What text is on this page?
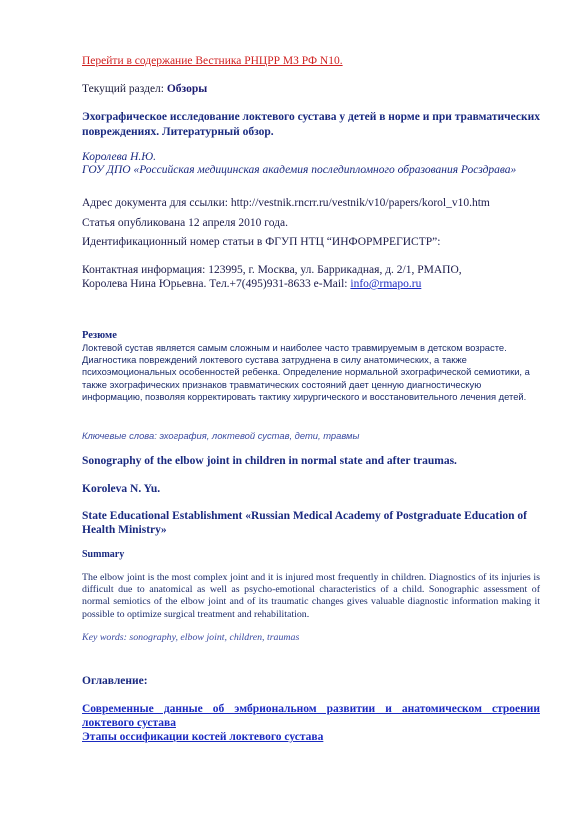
Перейти в содержание Вестника РНЦРР МЗ РФ N10.
Текущий раздел: Обзоры
Эхографическое исследование локтевого сустава у детей в норме и при травматических повреждениях. Литературный обзор.
Королева Н.Ю.
ГОУ ДПО «Российская медицинская академия последипломного образования Росздрава»
Адрес документа для ссылки: http://vestnik.rncrr.ru/vestnik/v10/papers/korol_v10.htm
Статья опубликована 12 апреля 2010 года.
Идентификационный номер статьи в ФГУП НТЦ “ИНФОРМРЕГИСТР”:
Контактная информация: 123995, г. Москва, ул. Баррикадная, д. 2/1, РМАПО,
Королева Нина Юрьевна. Тел.+7(495)931-8633 e-Mail: info@rmapo.ru
Резюме
Локтевой сустав является самым сложным и наиболее часто травмируемым в детском возрасте. Диагностика повреждений локтевого сустава затруднена в силу анатомических, а также психоэмоциональных особенностей ребенка. Определение нормальной эхографической семиотики, а также эхографических признаков травматических состояний дает ценную диагностическую информацию, позволяя корректировать тактику хирургического и восстановительного лечения детей.
Ключевые слова: эхография, локтевой сустав, дети, травмы
Sonography of the elbow joint in children in normal state and after traumas.
Koroleva N. Yu.
State Educational Establishment «Russian Medical Academy of Postgraduate Education of Health Ministry»
Summary
The elbow joint is the most complex joint and it is injured most frequently in children. Diagnostics of its injuries is difficult due to anatomical as well as psycho-emotional characteristics of a child. Sonographic assessment of normal semiotics of the elbow joint and of its traumatic changes gives valuable diagnostic information making it possible to optimize surgical treatment and rehabilitation.
Key words: sonography, elbow joint, children, traumas
Оглавление:
Современные данные об эмбриональном развитии и анатомическом строении локтевого сустава
Этапы оссификации костей локтевого сустава
